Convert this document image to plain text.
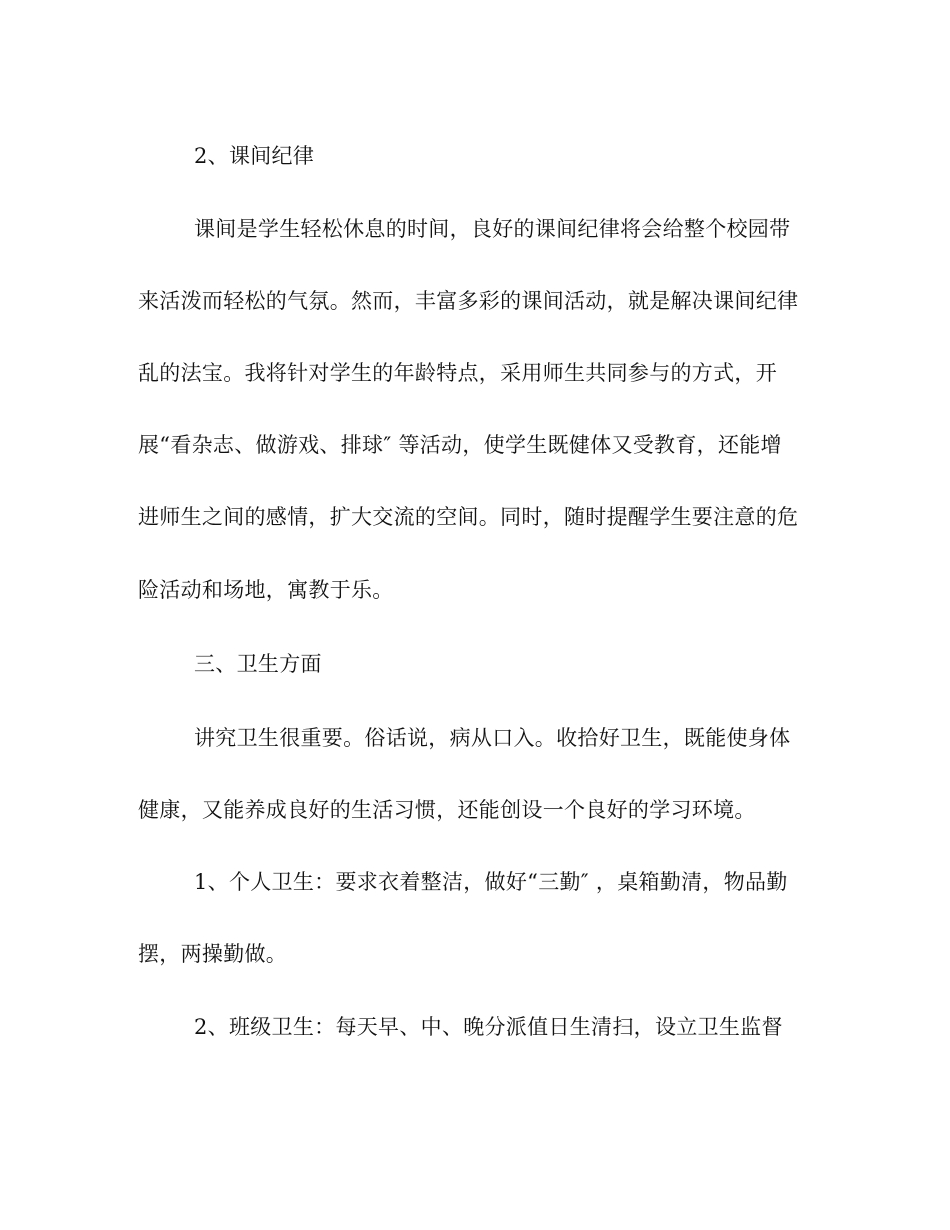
2、课间纪律

课间是学生轻松休息的时间，良好的课间纪律将会给整个校园带

来活泼而轻松的气氛。然而，丰富多彩的课间活动，就是解决课间纪律

乱的法宝。我将针对学生的年龄特点，采用师生共同参与的方式，开

展“看杂志、做游戏、排球″ 等活动，使学生既健体又受教育，还能增

进师生之间的感情，扩大交流的空间。同时，随时提醒学生要注意的危

险活动和场地，寓教于乐。

三、卫生方面

讲究卫生很重要。俗话说，病从口入。收拾好卫生，既能使身体

健康，又能养成良好的生活习惯，还能创设一个良好的学习环境。

1、个人卫生：要求衣着整洁，做好“三勤″ ，桌箱勤清，物品勤

摆，两操勤做。

2、班级卫生：每天早、中、晚分派值日生清扫，设立卫生监督
